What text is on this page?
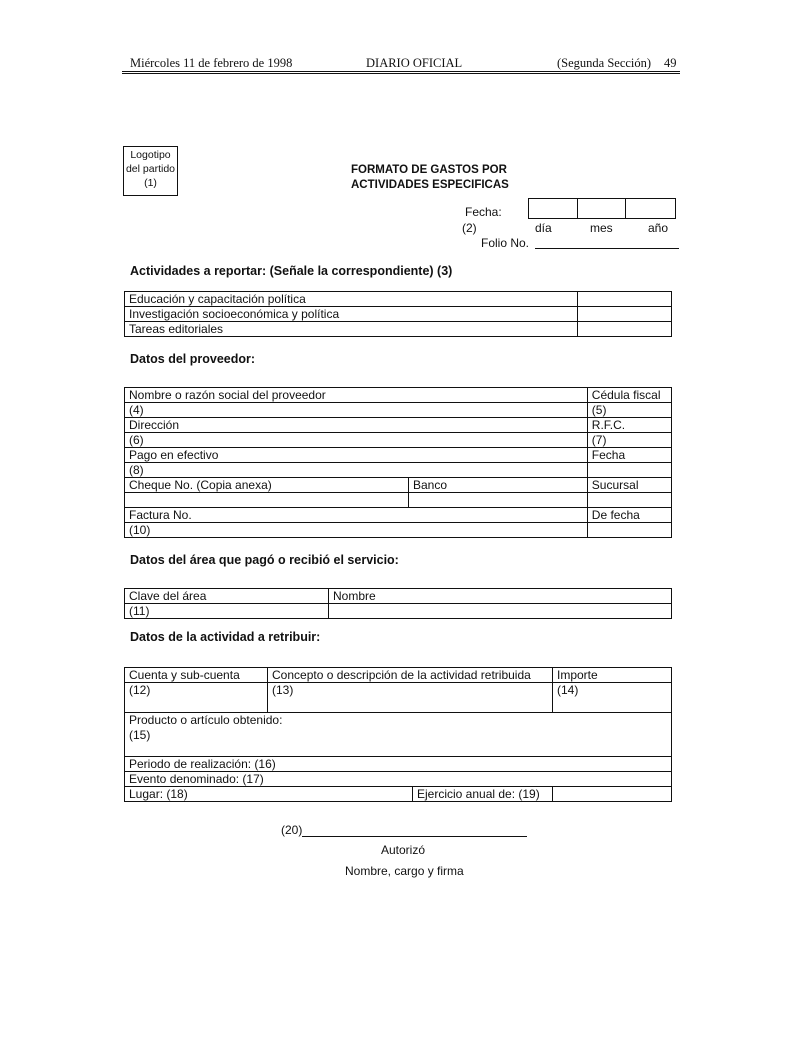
Miércoles 11 de febrero de 1998	DIARIO OFICIAL	(Segunda Sección) 49
Logotipo
del partido
(1)
FORMATO DE GASTOS POR
ACTIVIDADES ESPECIFICAS
Fecha:
(2)	día	mes	año
Folio No.
Actividades a reportar: (Señale la correspondiente) (3)
Educación y capacitación política	
Investigación socioeconómica y política	
Tareas editoriales	
Datos del proveedor:
Nombre o razón social del proveedor		Cédula fiscal
(4)		(5)
Dirección		R.F.C.
(6)		(7)
Pago en efectivo		Fecha
(8)		
Cheque No. (Copia anexa)	Banco	Sucursal

Factura No.		De fecha
(10)		
Datos del área que pagó o recibió el servicio:
Clave del área	Nombre
(11)	
Datos de la actividad a retribuir:
Cuenta y sub-cuenta	Concepto o descripción de la actividad retribuida	Importe
(12)	(13)	(14)

Producto o artículo obtenido:
(15)		

Periodo de realización: (16)		
Evento denominado: (17)		

Lugar: (18) Ejercicio anual de: (19)		

(20)
Autorizó
Nombre, cargo y firma
